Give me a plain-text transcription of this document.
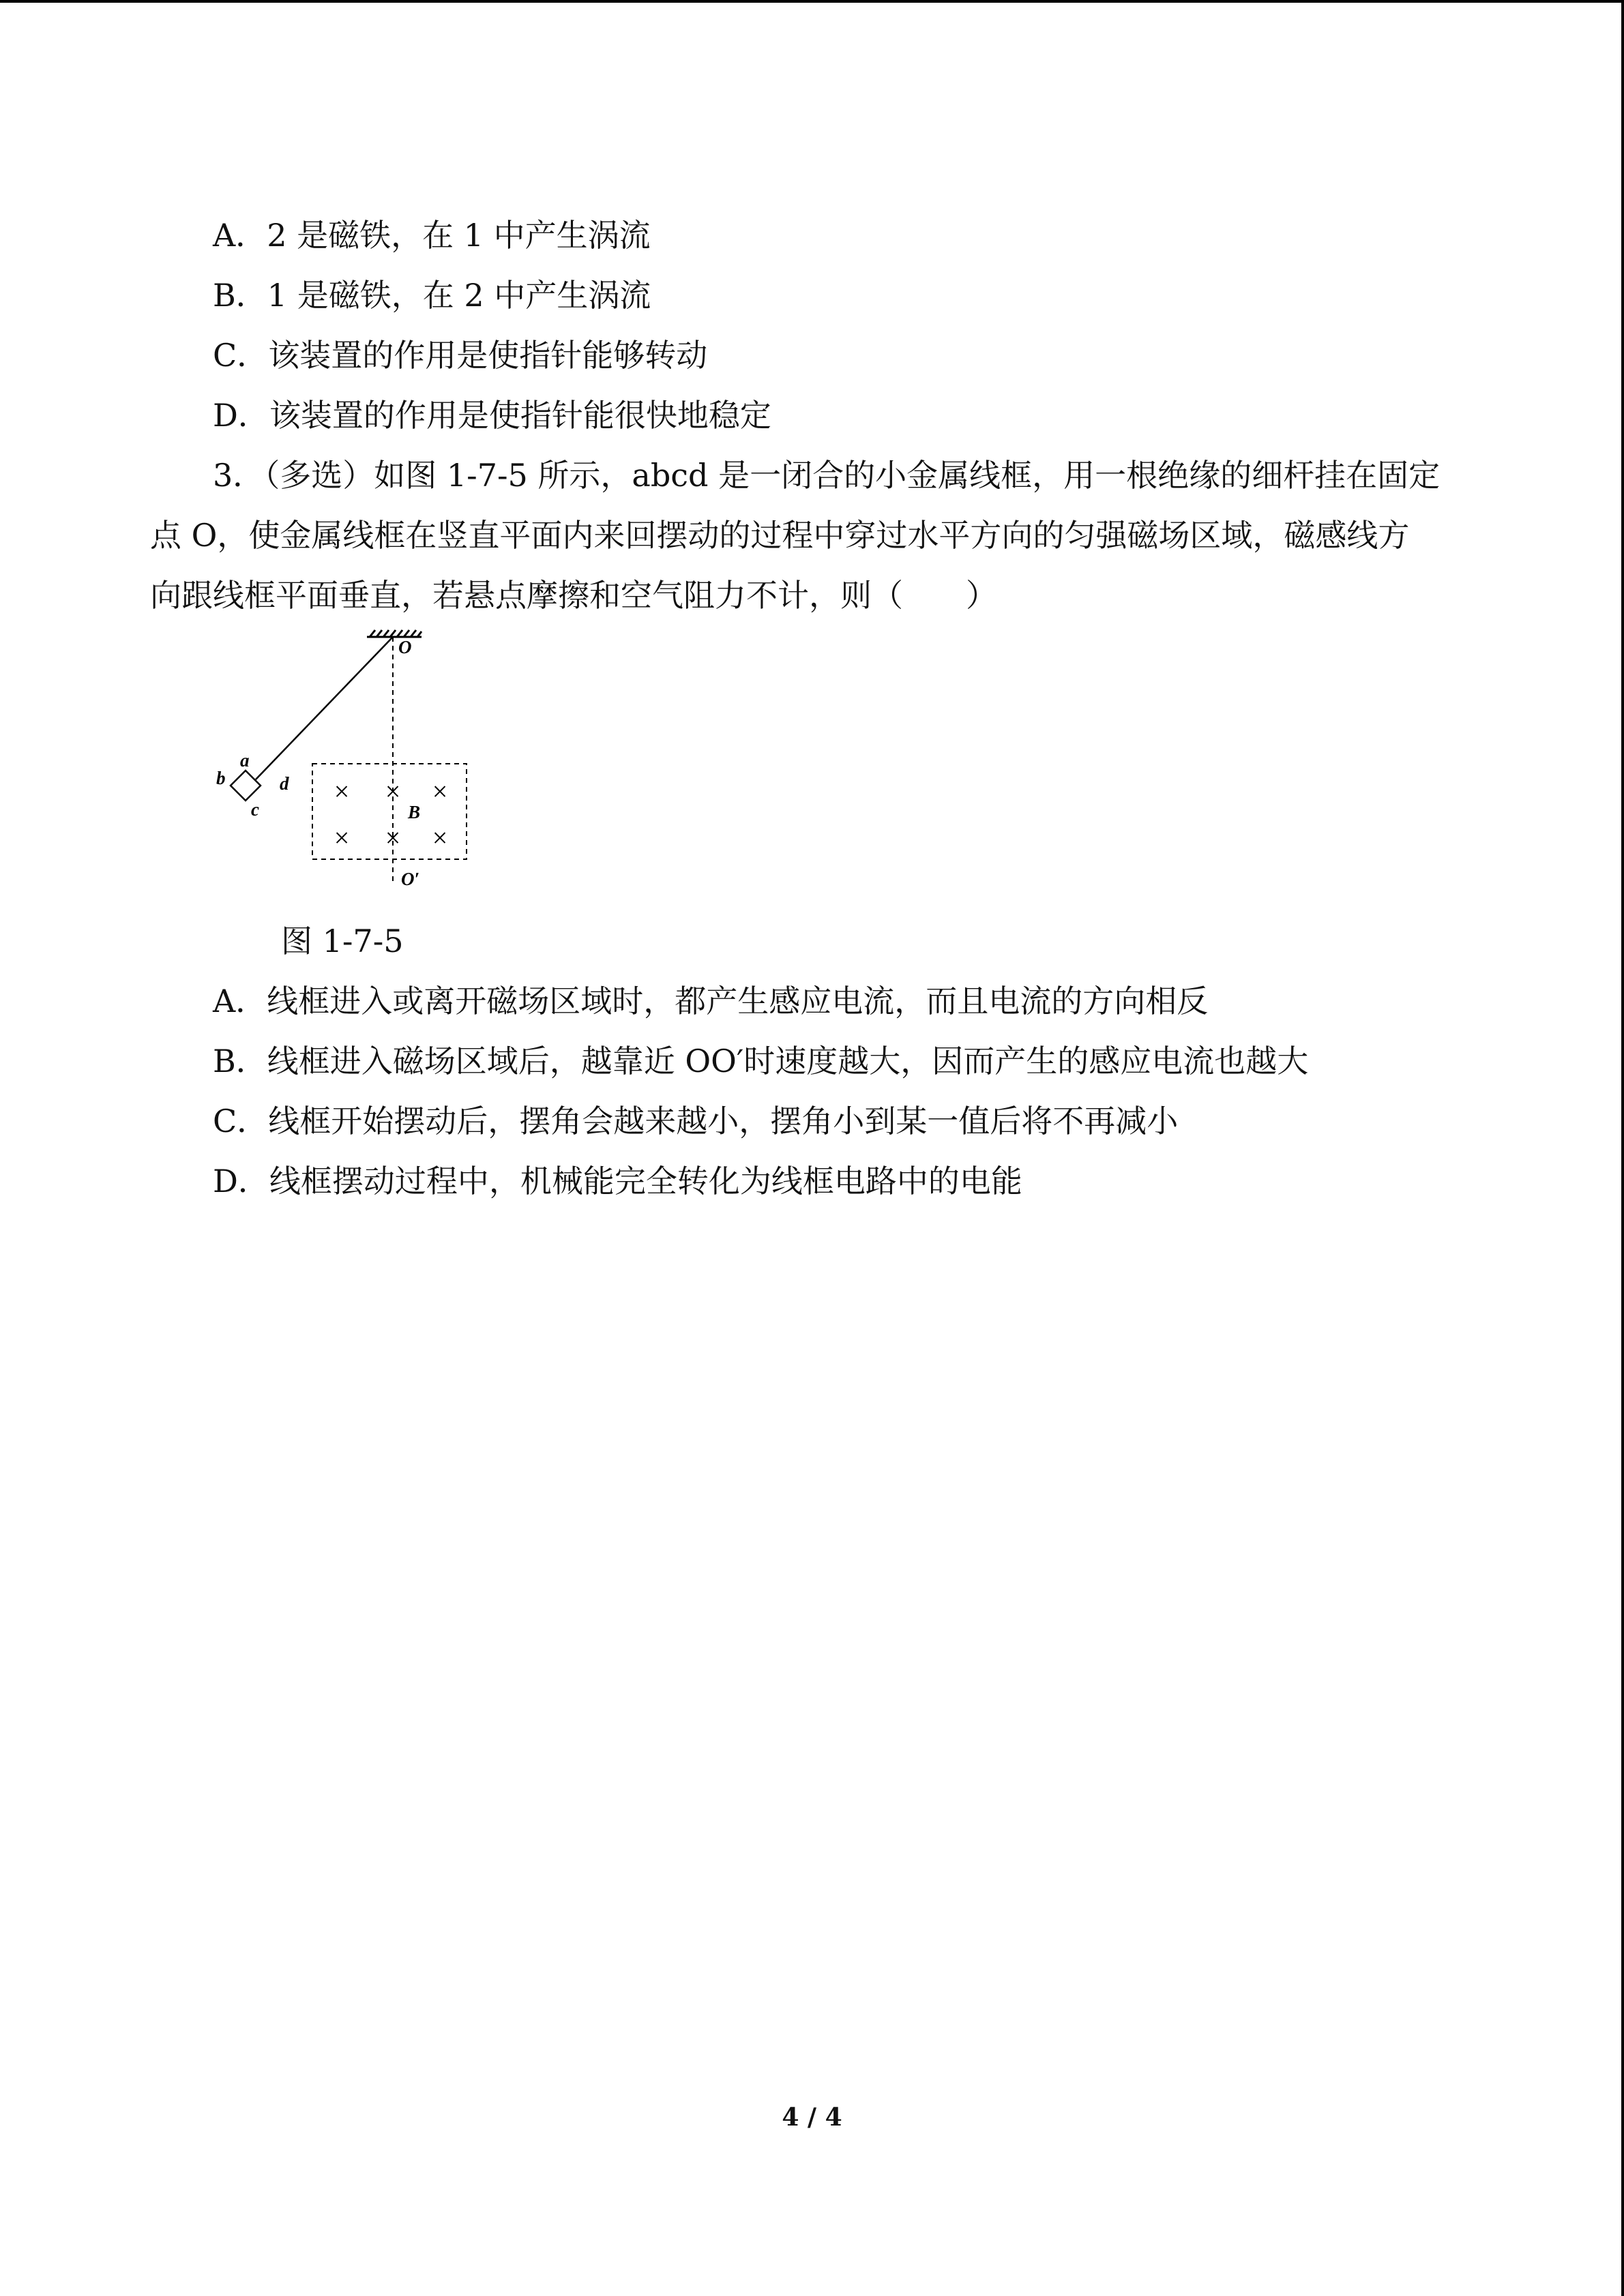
A．2 是磁铁，在 1 中产生涡流

B．1 是磁铁，在 2 中产生涡流

C．该装置的作用是使指针能够转动

D．该装置的作用是使指针能很快地稳定

3．（多选）如图 1-7-5 所示，abcd 是一闭合的小金属线框，用一根绝缘的细杆挂在固定

点 O，使金属线框在竖直平面内来回摆动的过程中穿过水平方向的匀强磁场区域，磁感线方

向跟线框平面垂直，若悬点摩擦和空气阻力不计，则（　　）

× × ×
× × ×
O
O′
B
a
b
c
d

图 1-7-5

A．线框进入或离开磁场区域时，都产生感应电流，而且电流的方向相反

B．线框进入磁场区域后，越靠近 OO′时速度越大，因而产生的感应电流也越大

C．线框开始摆动后，摆角会越来越小，摆角小到某一值后将不再减小

D．线框摆动过程中，机械能完全转化为线框电路中的电能

4 / 4
